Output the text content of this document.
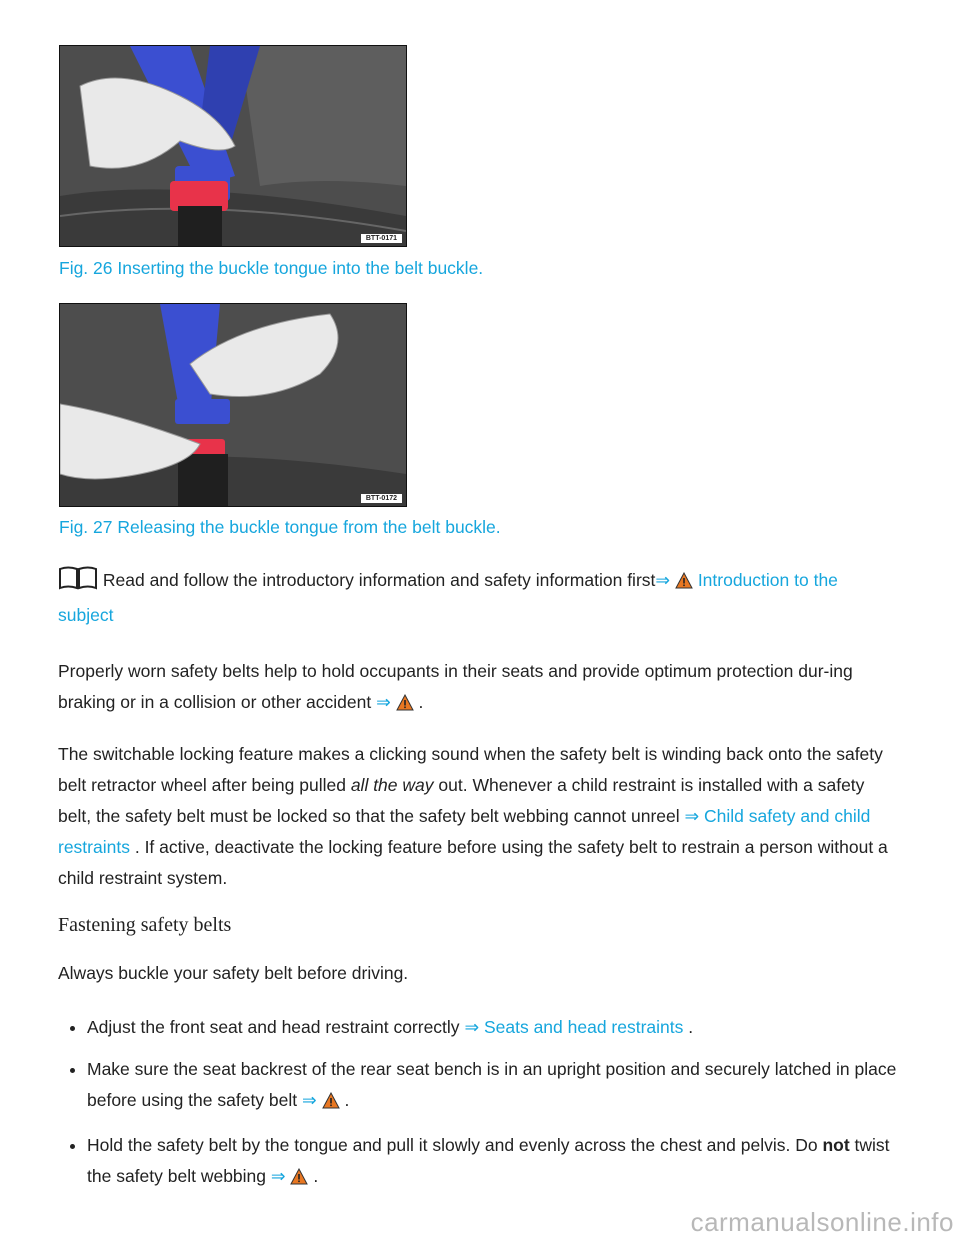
BTT-0171

Fig. 26 Inserting the buckle tongue into the belt buckle.

BTT-0172

Fig. 27 Releasing the buckle tongue from the belt buckle.

Read and follow the introductory information and safety information first⇒ Introduction to the subject

Properly worn safety belts help to hold occupants in their seats and provide optimum protection dur-ing braking or in a collision or other accident ⇒ .

The switchable locking feature makes a clicking sound when the safety belt is winding back onto the safety belt retractor wheel after being pulled all the way out. Whenever a child restraint is installed with a safety belt, the safety belt must be locked so that the safety belt webbing cannot unreel ⇒ Child safety and child restraints . If active, deactivate the locking feature before using the safety belt to restrain a person without a child restraint system.

Fastening safety belts

Always buckle your safety belt before driving.

Adjust the front seat and head restraint correctly ⇒ Seats and head restraints .
Make sure the seat backrest of the rear seat bench is in an upright position and securely latched in place before using the safety belt ⇒ .
Hold the safety belt by the tongue and pull it slowly and evenly across the chest and pelvis. Do not twist the safety belt webbing ⇒ .
carmanualsonline.info
